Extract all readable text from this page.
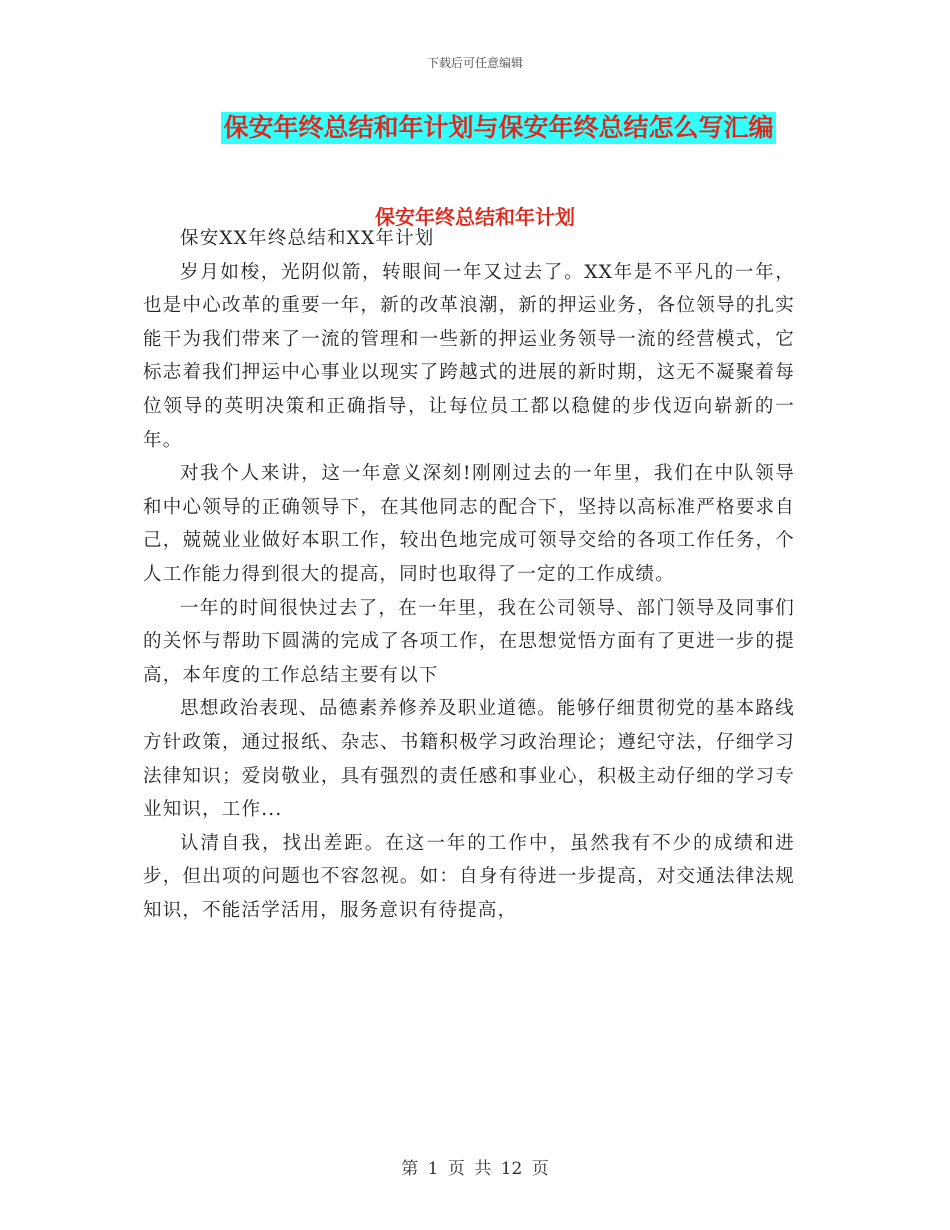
下载后可任意编辑
保安年终总结和年计划与保安年终总结怎么写汇编
保安年终总结和年计划

保安XX年终总结和XX年计划

岁月如梭，光阴似箭，转眼间一年又过去了。XX年是不平凡的一年，也是中心改革的重要一年，新的改革浪潮，新的押运业务，各位领导的扎实能干为我们带来了一流的管理和一些新的押运业务领导一流的经营模式，它标志着我们押运中心事业以现实了跨越式的进展的新时期，这无不凝聚着每位领导的英明决策和正确指导，让每位员工都以稳健的步伐迈向崭新的一年。

对我个人来讲，这一年意义深刻!刚刚过去的一年里，我们在中队领导和中心领导的正确领导下，在其他同志的配合下，坚持以高标准严格要求自己，兢兢业业做好本职工作，较出色地完成可领导交给的各项工作任务，个人工作能力得到很大的提高，同时也取得了一定的工作成绩。

一年的时间很快过去了，在一年里，我在公司领导、部门领导及同事们的关怀与帮助下圆满的完成了各项工作，在思想觉悟方面有了更进一步的提高，本年度的工作总结主要有以下

思想政治表现、品德素养修养及职业道德。能够仔细贯彻党的基本路线方针政策，通过报纸、杂志、书籍积极学习政治理论；遵纪守法，仔细学习法律知识；爱岗敬业，具有强烈的责任感和事业心，积极主动仔细的学习专业知识，工作...

认清自我，找出差距。在这一年的工作中，虽然我有不少的成绩和进步，但出项的问题也不容忽视。如：自身有待进一步提高，对交通法律法规知识，不能活学活用，服务意识有待提高，

第 1 页 共 12 页
